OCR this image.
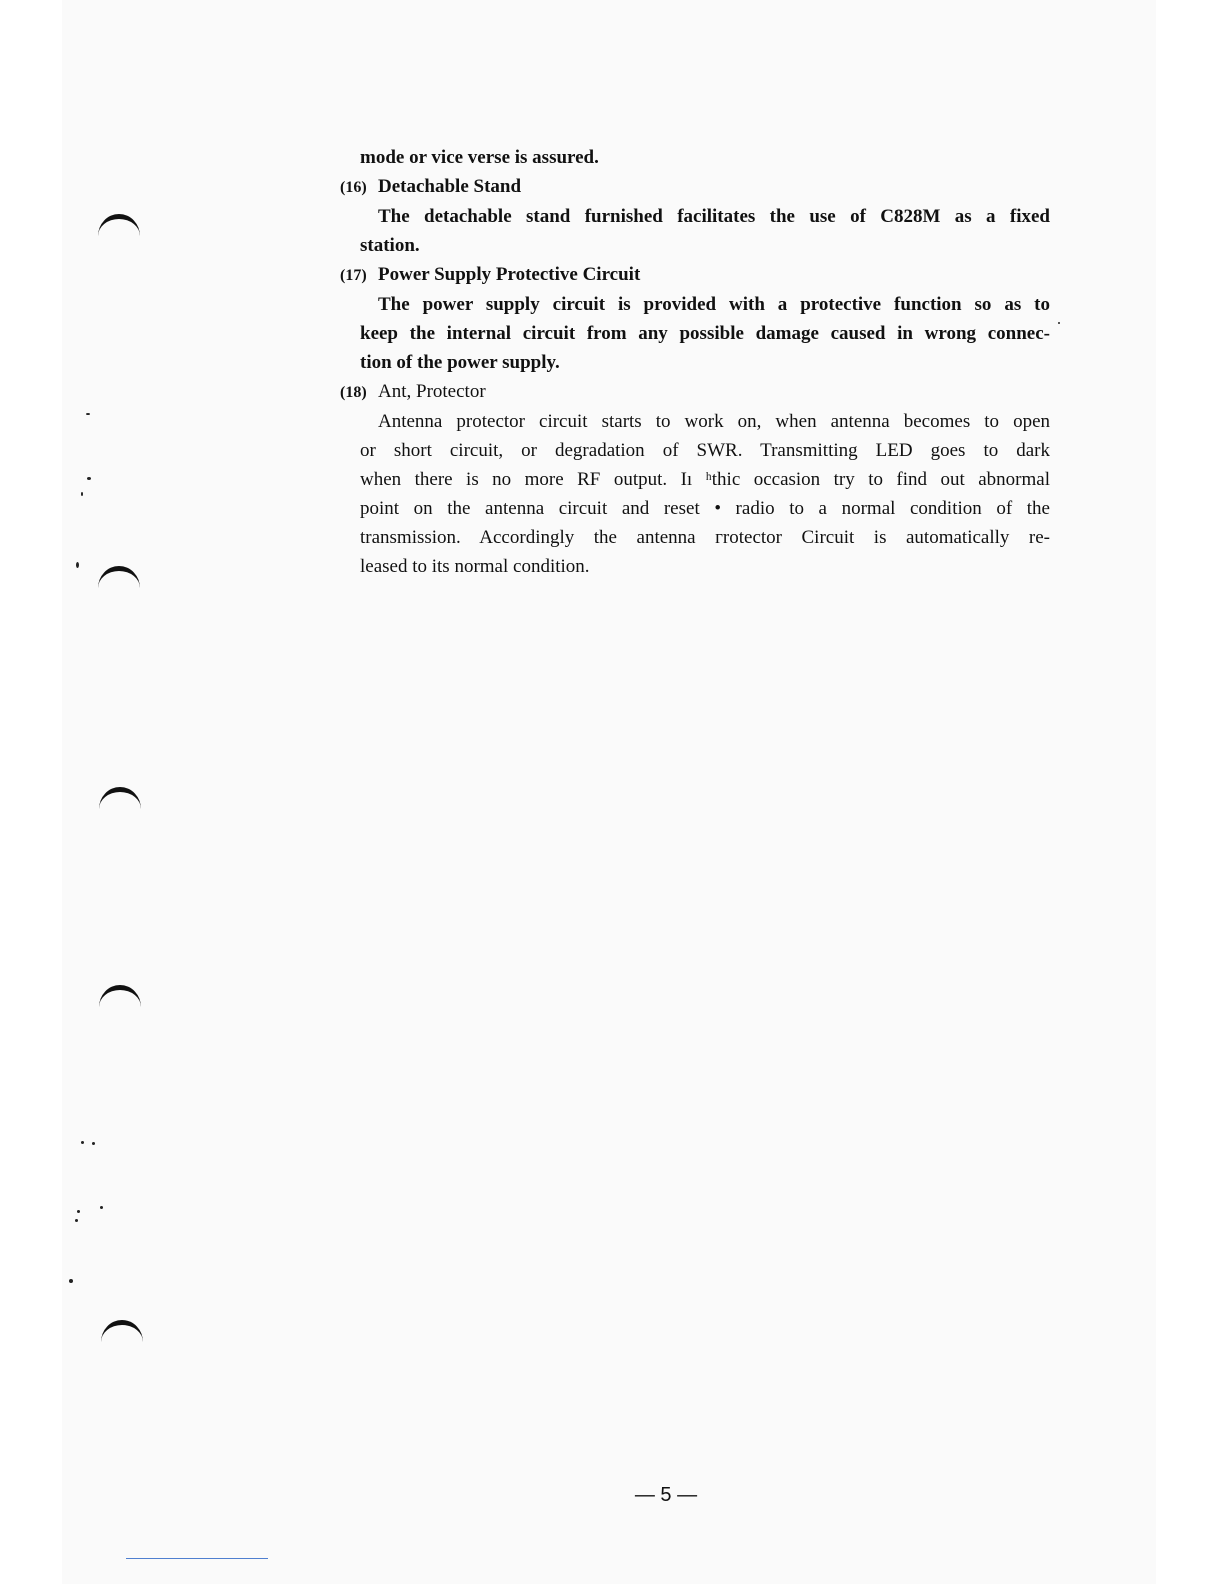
mode or vice verse is assured.
(16) Detachable Stand
The detachable stand furnished facilitates the use of C828M as a fixed
station.
(17) Power Supply Protective Circuit
The power supply circuit is provided with a protective function so as to
keep the internal circuit from any possible damage caused in wrong connec-
tion of the power supply.
(18) Ant, Protector
Antenna protector circuit starts to work on, when antenna becomes to open
or short circuit, or degradation of SWR. Transmitting LED goes to dark
when there is no more RF output. Iı ʰthiс occasion try to find out abnormal
point on the antenna circuit and reset • radio to a normal condition of the
transmission. Accordingly the antenna гrotector Circuit is automatically re-
leased to its normal condition.
— 5 —
